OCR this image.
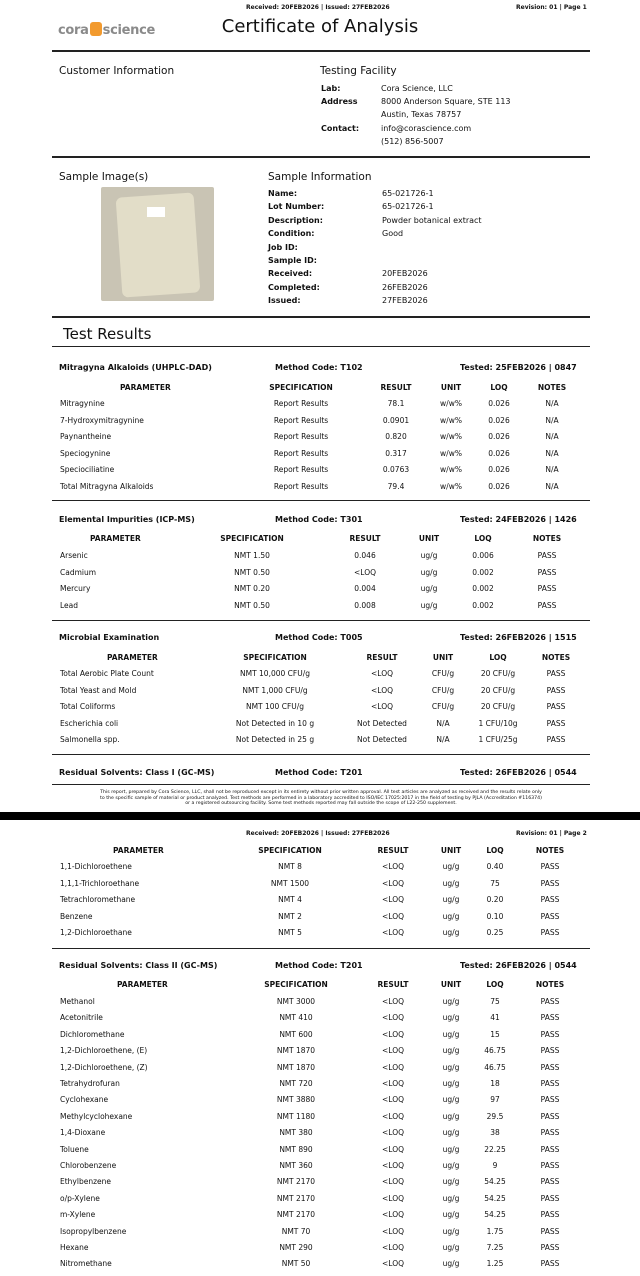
Received: 20FEB2026 | Issued: 27FEB2026	Revision: 01 | Page 1
cora science	Certificate of Analysis
Customer Information	Testing Facility
Lab:	Cora Science, LLC
Address	8000 Anderson Square, STE 113
Austin, Texas 78757
Contact:	info@corascience.com
(512) 856-5007
Sample Image(s)	Sample Information
Name:	65-021726-1
Lot Number:	65-021726-1
Description:	Powder botanical extract
Condition:	Good
Job ID:
Sample ID:
Received:	20FEB2026
Completed:	26FEB2026
Issued:	27FEB2026
Test Results
Mitragyna Alkaloids (UHPLC-DAD)	Method Code: T102	Tested: 25FEB2026 | 0847
PARAMETER	SPECIFICATION	RESULT	UNIT	LOQ	NOTES
Mitragynine	Report Results	78.1	w/w%	0.026	N/A
7-Hydroxymitragynine	Report Results	0.0901	w/w%	0.026	N/A
Paynantheine	Report Results	0.820	w/w%	0.026	N/A
Speciogynine	Report Results	0.317	w/w%	0.026	N/A
Speciociliatine	Report Results	0.0763	w/w%	0.026	N/A
Total Mitragyna Alkaloids	Report Results	79.4	w/w%	0.026	N/A
Elemental Impurities (ICP-MS)	Method Code: T301	Tested: 24FEB2026 | 1426
PARAMETER	SPECIFICATION	RESULT	UNIT	LOQ	NOTES
Arsenic	NMT 1.50	0.046	ug/g	0.006	PASS
Cadmium	NMT 0.50	<LOQ	ug/g	0.002	PASS
Mercury	NMT 0.20	0.004	ug/g	0.002	PASS
Lead	NMT 0.50	0.008	ug/g	0.002	PASS
Microbial Examination	Method Code: T005	Tested: 26FEB2026 | 1515
PARAMETER	SPECIFICATION	RESULT	UNIT	LOQ	NOTES
Total Aerobic Plate Count	NMT 10,000 CFU/g	<LOQ	CFU/g	20 CFU/g	PASS
Total Yeast and Mold	NMT 1,000 CFU/g	<LOQ	CFU/g	20 CFU/g	PASS
Total Coliforms	NMT 100 CFU/g	<LOQ	CFU/g	20 CFU/g	PASS
Escherichia coli	Not Detected in 10 g	Not Detected	N/A	1 CFU/10g	PASS
Salmonella spp.	Not Detected in 25 g	Not Detected	N/A	1 CFU/25g	PASS
Residual Solvents: Class I (GC-MS)	Method Code: T201	Tested: 26FEB2026 | 0544
This report, prepared by Cora Science, LLC, shall not be reproduced except in its entirety without prior written approval. All test articles are analyzed as received and the results relate only
to the specific sample of material or product analyzed. Test methods are performed in a laboratory accredited to ISO/IEC 17025:2017 in the field of testing by PJLA (Accreditation #116374)
or a registered outsourcing facility. Some test methods reported may fall outside the scope of L22-250 supplement.
Received: 20FEB2026 | Issued: 27FEB2026	Revision: 01 | Page 2
PARAMETER	SPECIFICATION	RESULT	UNIT	LOQ	NOTES
1,1-Dichloroethene	NMT 8	<LOQ	ug/g	0.40	PASS
1,1,1-Trichloroethane	NMT 1500	<LOQ	ug/g	75	PASS
Tetrachloromethane	NMT 4	<LOQ	ug/g	0.20	PASS
Benzene	NMT 2	<LOQ	ug/g	0.10	PASS
1,2-Dichloroethane	NMT 5	<LOQ	ug/g	0.25	PASS
Residual Solvents: Class II (GC-MS)	Method Code: T201	Tested: 26FEB2026 | 0544
PARAMETER	SPECIFICATION	RESULT	UNIT	LOQ	NOTES
Methanol	NMT 3000	<LOQ	ug/g	75	PASS
Acetonitrile	NMT 410	<LOQ	ug/g	41	PASS
Dichloromethane	NMT 600	<LOQ	ug/g	15	PASS
1,2-Dichloroethene, (E)	NMT 1870	<LOQ	ug/g	46.75	PASS
1,2-Dichloroethene, (Z)	NMT 1870	<LOQ	ug/g	46.75	PASS
Tetrahydrofuran	NMT 720	<LOQ	ug/g	18	PASS
Cyclohexane	NMT 3880	<LOQ	ug/g	97	PASS
Methylcyclohexane	NMT 1180	<LOQ	ug/g	29.5	PASS
1,4-Dioxane	NMT 380	<LOQ	ug/g	38	PASS
Toluene	NMT 890	<LOQ	ug/g	22.25	PASS
Chlorobenzene	NMT 360	<LOQ	ug/g	9	PASS
Ethylbenzene	NMT 2170	<LOQ	ug/g	54.25	PASS
o/p-Xylene	NMT 2170	<LOQ	ug/g	54.25	PASS
m-Xylene	NMT 2170	<LOQ	ug/g	54.25	PASS
Isopropylbenzene	NMT 70	<LOQ	ug/g	1.75	PASS
Hexane	NMT 290	<LOQ	ug/g	7.25	PASS
Nitromethane	NMT 50	<LOQ	ug/g	1.25	PASS
